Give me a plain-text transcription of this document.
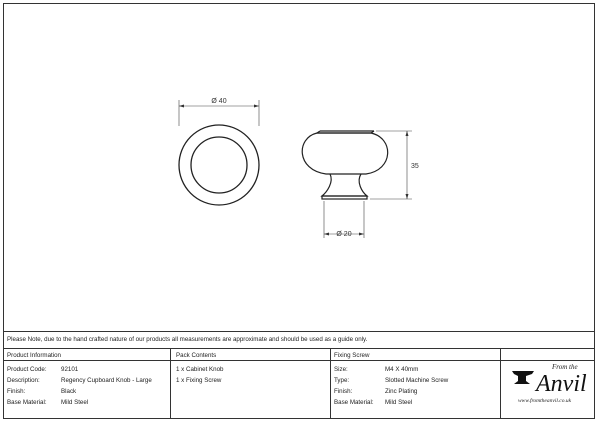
Ø 40
35
Ø 20
Please Note, due to the hand crafted nature of our products all measurements are approximate and should be used as a guide only.
Product Information
Product Code: 92101
Description:	Regency Cupboard Knob - Large
Finish:	Black
Base Material: Mild Steel
Pack Contents
1 x Cabinet Knob
1 x Fixing Screw
Fixing Screw
Size:	M4 X 40mm
Type:	Slotted Machine Screw
Finish:	Zinc Plating
Base Material: Mild Steel
From the
Anvil
www.fromtheanvil.co.uk
